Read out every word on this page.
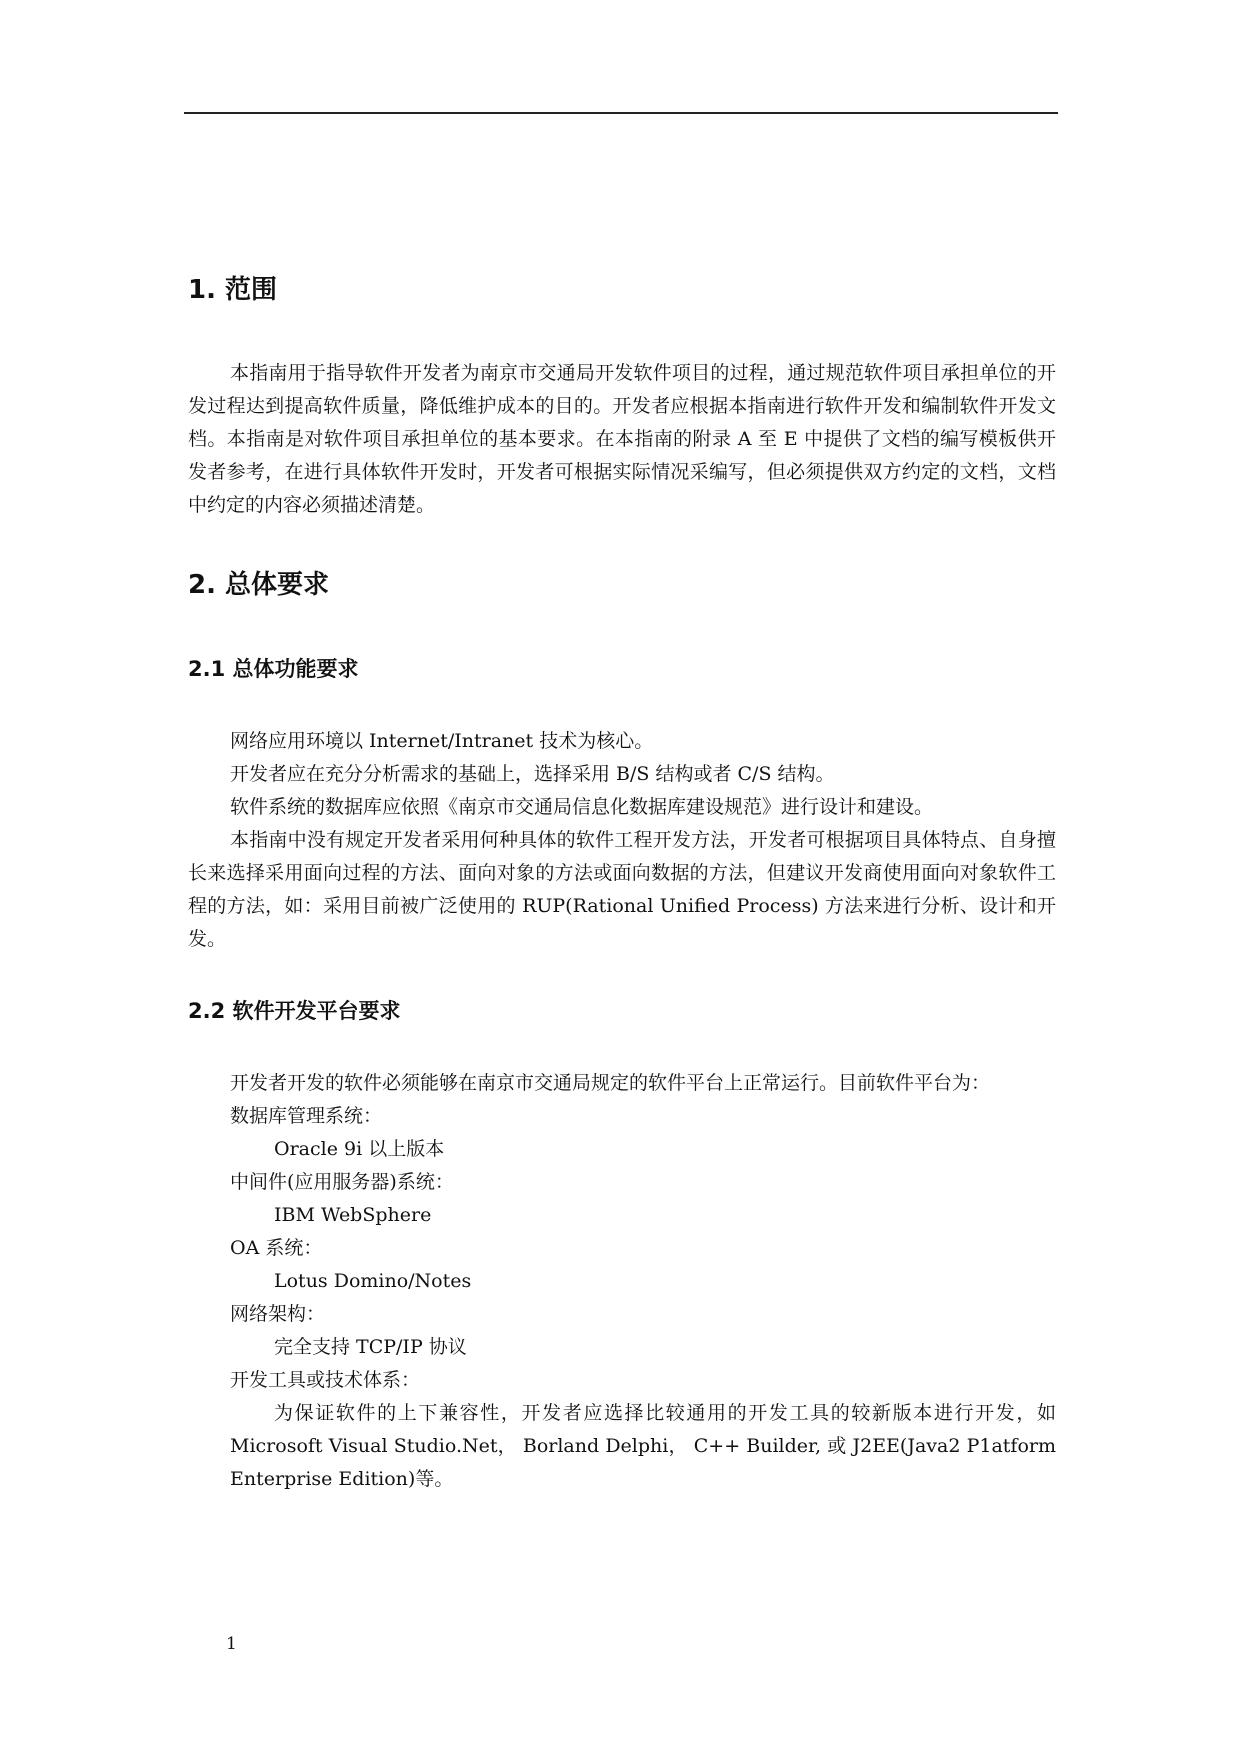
1. 范围

本指南用于指导软件开发者为南京市交通局开发软件项目的过程，通过规范软件项目承担单位的开发过程达到提高软件质量，降低维护成本的目的。开发者应根据本指南进行软件开发和编制软件开发文档。本指南是对软件项目承担单位的基本要求。在本指南的附录 A 至 E 中提供了文档的编写模板供开发者参考，在进行具体软件开发时，开发者可根据实际情况采编写，但必须提供双方约定的文档，文档中约定的内容必须描述清楚。

2. 总体要求
2.1 总体功能要求

网络应用环境以 Internet/Intranet 技术为核心。

开发者应在充分分析需求的基础上，选择采用 B/S 结构或者 C/S 结构。

软件系统的数据库应依照《南京市交通局信息化数据库建设规范》进行设计和建设。

本指南中没有规定开发者采用何种具体的软件工程开发方法，开发者可根据项目具体特点、自身擅长来选择采用面向过程的方法、面向对象的方法或面向数据的方法，但建议开发商使用面向对象软件工程的方法，如：采用目前被广泛使用的 RUP(Rational Unified Process) 方法来进行分析、设计和开发。

2.2 软件开发平台要求

开发者开发的软件必须能够在南京市交通局规定的软件平台上正常运行。目前软件平台为：

数据库管理系统：

Oracle 9i 以上版本

中间件(应用服务器)系统：

IBM WebSphere

OA 系统：

Lotus Domino/Notes

网络架构：

完全支持 TCP/IP 协议

开发工具或技术体系：

为保证软件的上下兼容性，开发者应选择比较通用的开发工具的较新版本进行开发，如 Microsoft Visual Studio.Net， Borland Delphi， C++ Builder, 或 J2EE(Java2 P1atform Enterprise Edition)等。

1
